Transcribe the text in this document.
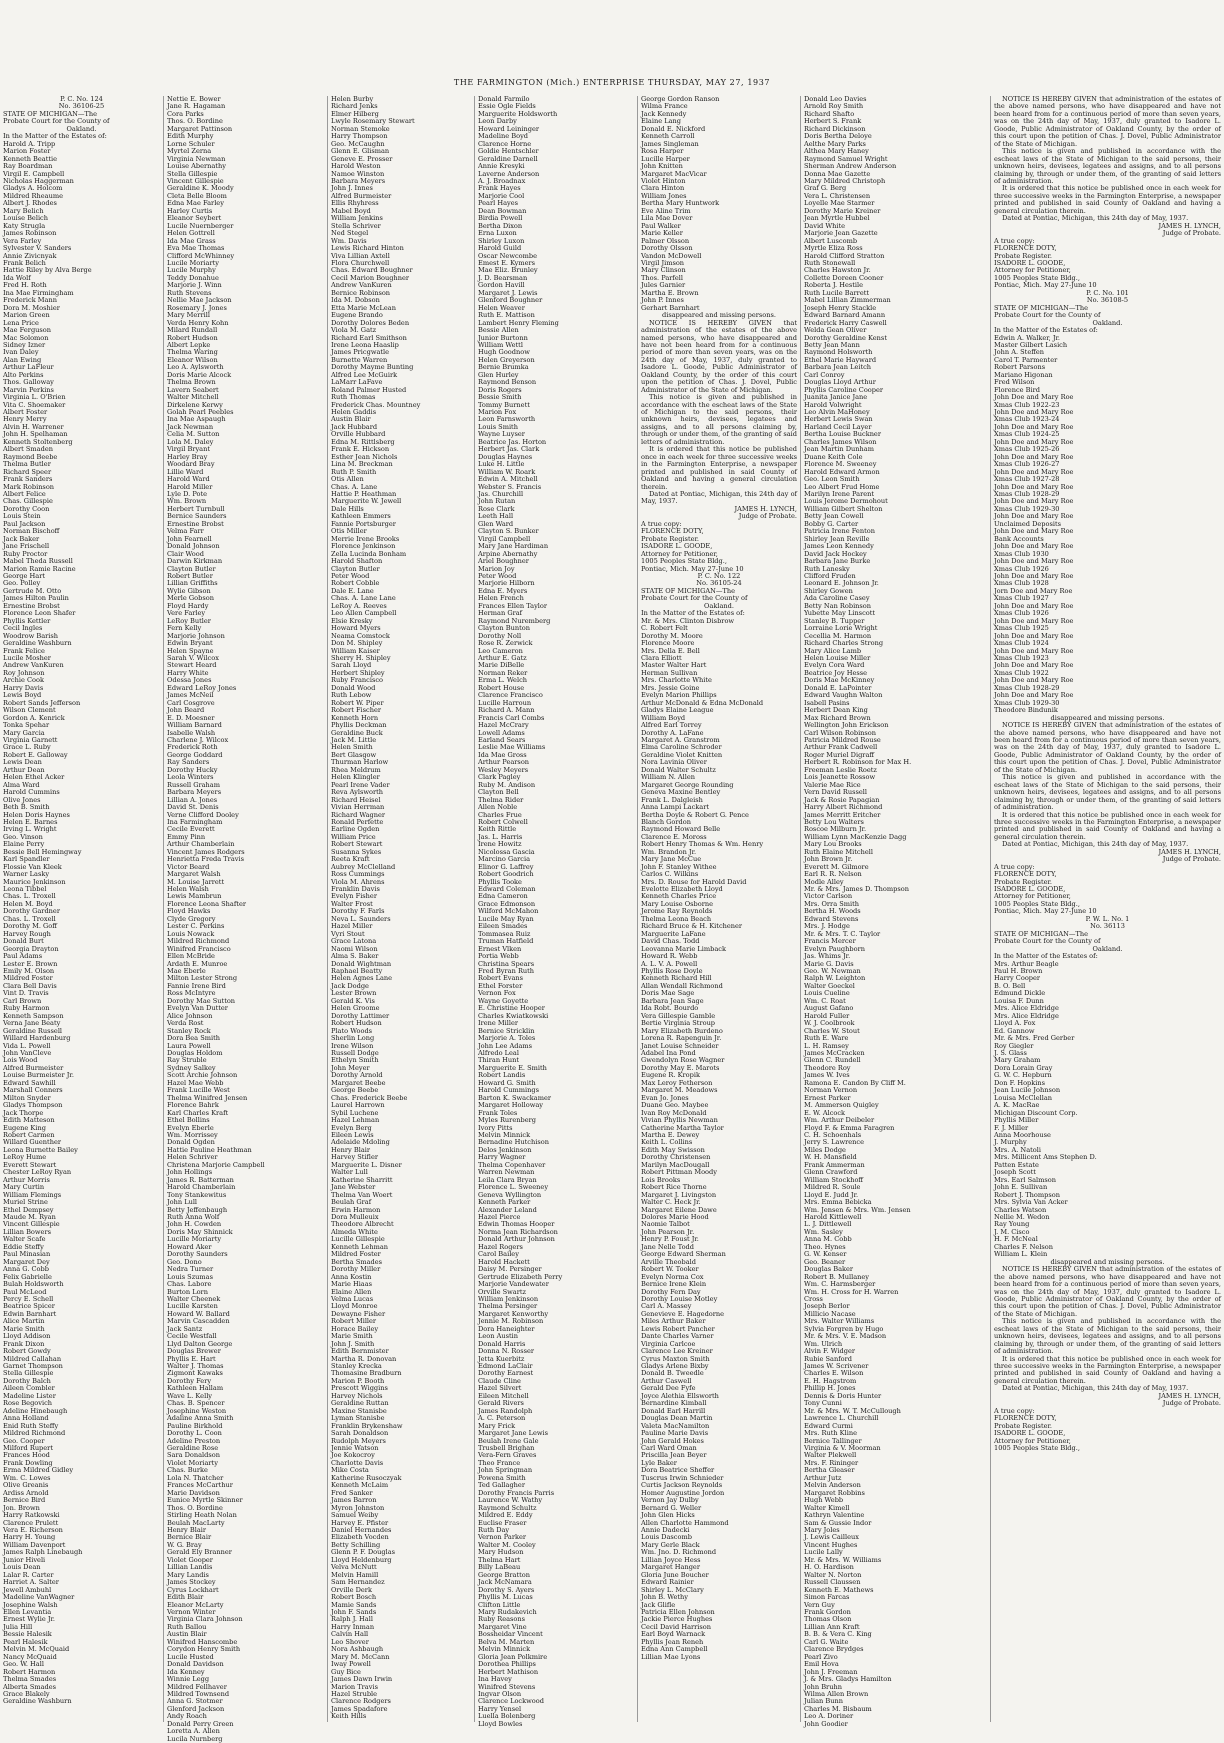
THE FARMINGTON (Mich.) ENTERPRISE THURSDAY, MAY 27, 1937
P. C. No. 124
No. 36106-25
STATE OF MICHIGAN—The
Probate Court for the County of
Oakland.
In the Matter of the Estates of:
Harold A. Tripp
Marion Foster
Kenneth Beattie
Ray Boardman
Virgil E. Campbell
Nicholas Haggerman
Gladys A. Holcom
Mildred Rheaume
Albert J. Rhodes
Mary Belich
Louise Belich
Katy Strugla
James Robinson
Vera Farley
Sylvester V. Sanders
Annie Zivicnyak
Frank Belich
Hattie Riley by Alva Berge
Ida Wolf
Fred H. Roth
Ina Mae Firmingham
Frederick Mann
Dora M. Moshier
Marion Green
Lena Price
Mae Ferguson
Mac Solomon
Sidney Izner
Ivan Daley
Alan Ewing
Arthur LaFleur
Alto Perkins
Thos. Galloway
Marvin Perkins
Virginia L. O'Brien
Vita C. Shoemaker
Albert Foster
Henry Merry
Alvin H. Warrener
John H. Spelhaman
Kenneth Stoltenberg
Albert Smaden
Raymond Beebe
Thelma Butler
Richard Speer
Frank Sanders
Mark Robinson
Albert Felice
Chas. Gillespie
Dorothy Coon
Louis Stein
Paul Jackson
Norman Bischoff
Jack Baker
Jane Frischell
Ruby Proctor
Mabel Theda Russell
Marion Ramie Racine
George Hart
Geo. Polley
Gertrude M. Otto
James Hilton Paulin
Ernestine Brobst
Florence Leon Shafer
Phyllis Kettler
Cecil Ingles
Woodrow Barish
Geraldine Washburn
Frank Felice
Lucile Mosher
Andrew VanKuren
Roy Johnson
Archie Cook
Harry Davis
Lewis Boyd
Robert Sands Jefferson
Wilson Clement
Gordon A. Kenrick
Tonka Spehar
Mary Garcia
Virginia Garnett
Grace L. Ruby
Robert E. Galloway
Lewis Dean
Arthur Dean
Helen Ethel Acker
Alma Ward
Harold Cummins
Olive Jones
Beth B. Smith
Helen Doris Haynes
Helen E. Barnes
Irving L. Wright
Geo. Vinson
Elaine Perry
Bessie Bell Hemingway
Karl Spandler
Flossie Van Kleek
Warner Lasky
Maurice Jenkinson
Leona Tibbel
Chas. L. Troxell
Helen M. Boyd
Dorothy Gardner
Chas. L. Troxell
Dorothy M. Goff
Harvey Rough
Donald Burt
Georgia Drayton
Paul Adams
Lester E. Brown
Emily M. Olson
Mildred Foster
Clara Bell Davis
Vint D. Travis
Carl Brown
Ruby Harmon
Kenneth Sampson
Verna Jane Beaty
Geraldine Russell
Willard Hardenburg
Vida L. Powell
John VanCleve
Lois Wood
Alfred Burmeister
Louise Burmeister Jr.
Edward Sawhill
Marshall Conners
Milton Snyder
Gladys Thompson
Jack Thorpe
Edith Matteson
Eugene King
Robert Carmen
Willard Guenther
Leona Burnette Bailey
LeRoy Hume
Everett Stewart
Chester LeRoy Ryan
Arthur Morris
Mary Curtin
William Flemings
Muriel Strine
Ethel Dempsey
Maude M. Ryan
Vincent Gillespie
Lillian Bowers
Walter Scafe
Eddie Steffy
Paul Minasian
Margaret Dey
Anna G. Cobb
Felix Gabrielle
Bulah Holdsworth
Paul McLeod
Percy E. Schell
Beatrice Spicer
Edwin Barnhart
Alice Martin
Marie Smith
Lloyd Addison
Frank Dixon
Robert Gowdy
Mildred Callahan
Garnet Thompson
Stella Gillespie
Dorothy Balch
Aileen Combler
Madeline Lister
Rose Begovich
Adeline Hinebaugh
Anna Holland
Enid Ruth Steffy
Mildred Richmond
Geo. Cooper
Milford Rupert
Frances Hood
Frank Dowling
Erma Mildred Gidley
Wm. C. Lowes
Olive Greanis
Ardiss Arnold
Bernice Bird
Jon. Brown
Harry Ratkowski
Clarence Prulett
Vera E. Richerson
Harry H. Young
William Davenport
James Ralph Linebaugh
Junior Hiveli
Louis Dean
Lalar R. Carter
Harriet A. Salter
Jewell Ambuhl
Madeline VanWagner
Josephine Walsh
Ellen Levantia
Ernest Wylie Jr.
Julia Hill
Bessie Halesik
Pearl Halesik
Melvin M. McQuaid
Nancy McQuaid
Geo. W. Hall
Robert Harmon
Thelma Smades
Alberta Smades
Grace Blakely
Geraldine Washburn
Nettie E. Bower
Jane R. Hagaman
Cora Parks
Thos. O. Bordine
Margaret Pattinson
Edith Murphy
Lorne Schuler
Myrtel Zerna
Virginia Newman
Louise Abernathy
Stella Gillespie
Vincent Gillespie
Geraldine K. Moody
Cleta Belle Bloom
Edna Mae Farley
Harley Curtis
Eleanor Seybert
Lucile Nuernberger
Helen Gottrell
Ida Mae Grass
Eva Mae Thomas
Clifford McWhinney
Lucile Moriarty
Lucile Murphy
Teddy Donahue
Marjorie J. Winn
Ruth Stevens
Nellie Mae Jackson
Rosemary J. Jones
Mary Merrill
Verda Henry Kohn
Milard Rundall
Robert Hudson
Albert Lepke
Thelma Waring
Eleanor Wilson
Leo A. Aylsworth
Doris Marie Alcock
Thelma Brown
Lavern Seabert
Walter Mitchell
Dirkelene Kerwy
Golah Pearl Peebles
Ina Mae Aspaugh
Jack Newman
Celia M. Sutton
Lola M. Daley
Virgil Bryant
Harley Bray
Woodard Bray
Lillie Ward
Harold Ward
Harold Miller
Lyle D. Pote
Wm. Brown
Herbert Turnbull
Bernice Saunders
Ernestine Brobst
Velma Farr
John Fearnell
Donald Johnson
Clair Wood
Darwin Kirkman
Clayton Butler
Robert Butler
Lillian Griffiths
Wylie Gibson
Merle Gobson
Floyd Hardy
Vere Farley
LeRoy Butler
Fern Kelly
Marjorie Johnson
Edwin Bryant
Helen Spayne
Sarah V. Wilcox
Stewart Heard
Harry White
Odessa Jones
Edward LeRoy Jones
James McNeil
Carl Cosgrove
John Beard
E. D. Moesner
William Barnard
Isabelle Walsh
Charlene J. Wilcox
Frederick Roth
George Goddard
Ray Sanders
Dorothy Hucky
Leola Winters
Russell Graham
Barbara Meyers
Lillian A. Jones
David St. Denis
Verne Clifford Dooley
Ina Farmingham
Cecile Everett
Emmy Pinn
Arthur Chamberlain
Vincent James Rodgers
Henrietta Freda Travis
Victor Beard
Margaret Walsh
M. Louise Jarrett
Helen Walsh
Lewis Mambrun
Florence Leona Shafter
Floyd Hawks
Clyde Gregory
Lester C. Perkins
Louis Nowack
Mildred Richmond
Winifred Francisco
Ellen McBride
Ardath E. Munroe
Mae Eberle
Milton Lester Strong
Fannie Irene Bird
Ross McIntyre
Dorothy Mae Sutton
Evelyn Van Dutter
Alice Johnson
Verda Rost
Stanley Rock
Dora Bea Smith
Laura Powell
Douglas Holdom
Ray Struble
Sydney Salkey
Scott Archie Johnson
Hazel Mae Webb
Frank Lucille West
Thelma Winifred Jensen
Florence Bahrk
Karl Charles Kraft
Ethel Bollins
Evelyn Eberle
Wm. Morrissey
Donald Ogden
Hattie Pauline Heathman
Helen Schriver
Christena Marjorie Campbell
John Hollings
James R. Batterman
Harold Chamberlain
Tony Stankewitus
John Lull
Betty Jeffenbaugh
Ruth Anna Wolf
John H. Cowden
Doris May Shinnick
Lucille Moriarty
Howard Aker
Dorothy Saunders
Geo. Dono
Nedra Turner
Louis Szumas
Chas. Labore
Burton Lorn
Walter Cheenek
Lucille Karsten
Howard W. Ballard
Marvin Cascadden
Jack Santz
Cecile Westfall
Llyd Dalton George
Douglas Brewer
Phyllis E. Hart
Walter J. Thomas
Zigmont Kawaks
Dorothy Fery
Kathleen Hallam
Wave L. Kelly
Chas. B. Spencer
Josephine Weston
Adaline Anna Smith
Pauline Birkhold
Dorothy L. Coon
Adeline Preston
Geraldine Rose
Sara Donaldson
Violet Moriarty
Chas. Burke
Lola N. Thatcher
Frances McCarthur
Marie Davidson
Eunice Myrtle Skinner
Thos. O. Bordine
Stirling Heath Nolan
Beulah MacLarty
Henry Blair
Bernice Blair
W. G. Bray
Gerald Ely Branner
Violet Gooper
Lillian Landis
Mary Landis
James Stockey
Cyrus Lockhart
Edith Blair
Eleanor McLarty
Vernon Winter
Virginia Clara Johnson
Ruth Ballou
Austin Blair
Winifred Hanscombe
Corydon Henry Smith
Lucile Husted
Donald Davidson
Ida Kenney
Winnie Legg
Mildred Fellhaver
Mildred Townsend
Anna G. Stotmer
Glenford Jackson
Andy Roach
Donald Perry Green
Loretta A. Allen
Lucila Nurnberg
Helen Burby
Richard Jenks
Elmer Hilberg
Lwyle Rosemary Stewart
Norman Stemoke
Harry Thompson
Geo. McCaughn
Glenn E. Glisman
Geneve E. Prosser
Harold Weston
Namoe Winston
Barbara Meyers
John J. Innes
Alfred Burmeister
Ellis Rhyhress
Mabel Boyd
William Jenkins
Stella Schriver
Ned Stegel
Wm. Davis
Lewis Richard Hinton
Viva Lillian Axtell
Flora Churchwell
Chas. Edward Boughner
Cecil Marion Boughner
Andrew VanKuren
Bernice Robinson
Ida M. Dobson
Etta Marie McLean
Eugene Brando
Dorothy Dolores Beden
Viola M. Gatz
Richard Earl Smithson
Irene Leona Haaslip
James Pricgwatle
Burnette Warren
Dorothy Mayme Bunting
Alfred Lee McGuirk
LaMarr LaFave
Roland Palmer Husted
Ruth Thomas
Frederick Chas. Mountney
Helen Gaddis
Austin Blair
Jack Hubbard
Orville Hubbard
Edna M. Rittlsberg
Frank E. Hickson
Esther Jean Nichols
Lina M. Breckman
Ruth P. Smith
Otis Allen
Chas. A. Lane
Hattie P. Heathman
Marguerite W. Jewell
Dale Hills
Kathleen Emmers
Fannie Portsburger
Otis Miller
Merrie Irene Brooks
Florence Jenkinson
Zella Lucinda Bonham
Harold Shafton
Clayton Butler
Peter Wood
Robert Cobble
Dale E. Lane
Chas. A. Lane Lane
LeRoy A. Reeves
Leo Allen Campbell
Elsie Kresky
Howard Myers
Neama Comstock
Don M. Shipley
William Kaiser
Sherry H. Shipley
Sarah Lloyd
Herbert Shipley
Ruby Francisco
Donald Wood
Ruth Lebow
Robert W. Piper
Robert Fischer
Kenneth Horn
Phyllis Deckman
Geraldine Buck
Jack M. Little
Helen Smith
Bert Glasgow
Thurman Harlow
Rhea Meldrum
Helen Klingler
Pearl Irene Vader
Reva Aylsworth
Richard Heisel
Vivian Herrman
Richard Wagner
Ronald Perfette
Earline Ogden
William Price
Robert Stewart
Susanna Sykes
Reeta Kraft
Aubrey McClelland
Ross Cummings
Viola M. Ahrens
Franklin Davis
Evelyn Fisher
Walter Frost
Dorothy F. Farls
Neva L. Saunders
Hazel Miller
Vyri Stout
Grace Latona
Naomi Wilson
Alma S. Baker
Donald Wightman
Raphael Beatty
Helen Agnes Lane
Jack Dodge
Lester Brown
Gerald K. Vis
Helen Groome
Dorothy Lattimer
Robert Hudson
Plato Woods
Sherlin Long
Irene Wilson
Russell Dodge
Ethelyn Smith
John Meyer
Dorothy Arnold
Margaret Beebe
George Beebe
Chas. Frederick Beebe
Laurel Harrown
Sybil Luchene
Hazel Lehman
Evelyn Berg
Eileen Lewis
Adelaide Mdoling
Henry Blair
Harvey Stifler
Marguerite L. Disner
Walter Lull
Katherine Sharritt
Jane Webster
Thelma Van Woert
Beulah Graf
Erwin Harmon
Dora Mulleuix
Theodore Albrecht
Almeda White
Lucille Gillespie
Kenneth Lehman
Mildred Foster
Bertha Smades
Dorothy Miller
Anna Kostin
Marie Hiaas
Elaine Allen
Velma Lucas
Lloyd Monroe
Dewayne Fisher
Robert Miller
Horace Bailey
Marie Smith
John J. Smith
Edith Bernmister
Martha R. Donovan
Stanley Krecka
Thomasine Bradburn
Marion P. Booth
Prescott Wiggins
Harvey Nichols
Geraldine Ruttan
Maxine Stanisbe
Lyman Stanisbe
Franklin Brykenshaw
Sarah Donaldson
Rudolph Meyers
Jennie Watson
Joe Kokocroy
Charlotte Davis
Mike Costa
Katherine Rusoczyak
Kenneth McLaim
Fred Sanker
James Barron
Myron Johnston
Samuel Weiby
Harvey E. Pfister
Daniel Hernandes
Elizabeth Vocden
Betty Schilling
Glenn P. F. Douglas
Lloyd Heldenburg
Velva McNutt
Melvin Hamill
Sam Hernandez
Orville Derk
Robert Bosch
Mamie Sands
John F. Sands
Ralph J. Hall
Harry Inman
Calvin Hall
Leo Shover
Nora Ashbaugh
Mary M. McCann
Iway Powell
Guy Bice
James Dawn Irwin
Marion Travis
Hazel Struble
Clarence Rodgers
James Spadafore
Keith Hills
Donald Farmilo
Essie Ogle Fields
Marguerite Holdsworth
Leon Darby
Howard Leininger
Madeline Boyd
Clarence Horne
Goldie Hentschler
Geraldine Darnell
Annie Kresyki
Laverne Anderson
A. J. Broadnax
Frank Hayes
Marjorie Cool
Pearl Hayes
Dean Bowman
Birdia Powell
Bertha Dixon
Erna Luxon
Shirley Luxon
Harold Guild
Oscar Newcombe
Emest E. Kymers
Mae Eliz. Brunley
J. D. Bearsman
Gordon Havill
Margaret J. Lewis
Glenford Boughner
Helen Weaver
Ruth E. Mattison
Lambert Henry Fleming
Bessie Allen
Junior Burtonn
William Wettl
Hugh Goodnow
Helen Greyerson
Bernie Brumka
Glen Hurley
Raymond Benson
Doris Rogers
Bessie Smith
Tommy Burnett
Marion Fox
Leon Farnsworth
Louis Smith
Wayne Luyser
Beatrice Jas. Horton
Herbert Jas. Clark
Douglas Haynes
Luke H. Little
William W. Roark
Edwin A. Mitchell
Webster S. Francis
Jas. Churchill
John Rutan
Rose Clark
Leeth Hall
Glen Ward
Clayton S. Bunker
Virgil Campbell
Mary Jane Hardiman
Arpine Abernathy
Ariel Boughner
Marion Joy
Peter Wood
Marjorie Hilborn
Edna E. Myers
Helen French
Frances Ellen Taylor
Herman Graf
Raymond Nuremberg
Clayton Bunton
Dorothy Noll
Rose R. Zerwick
Leo Cameron
Arthur E. Gatz
Marie DiBelle
Norman Reker
Erma L. Welch
Robert House
Clarence Francisco
Lucille Harroun
Richard A. Mann
Francis Carl Combs
Hazel McCrary
Lowell Adams
Earland Sears
Leslie Mae Williams
Ida Mae Gross
Arthur Pearson
Wesley Meyers
Clark Pagley
Ruby M. Andison
Clayton Bell
Thelma Rider
Allen Noble
Charles Frue
Robert Colwell
Keith Rittle
Jas. L. Harris
Irene Howitz
Nicolossa Gascia
Marcino Garcia
Elinor G. Laffrey
Robert Goodrich
Phyllis Tooke
Edward Coleman
Edna Cameron
Grace Edmonson
Wilford McMahon
Lucile May Ryan
Eileen Smades
Tommasea Ruiz
Truman Hatfield
Ernest Vlken
Portia Webb
Christina Spears
Fred Byran Ruth
Robert Evans
Ethel Forster
Vernon Fox
Wayne Goyette
E. Christine Hooper
Charles Kwiatkowski
Irene Miller
Bernice Stricklin
Marjorie A. Toles
John Lee Adams
Alfredo Leal
Thiran Hunt
Marguerite E. Smith
Robert Landis
Howard G. Smith
Harold Cummings
Barton K. Swackamer
Margaret Holloway
Frank Toles
Myles Rurenberg
Ivory Pitts
Melvin Minnick
Bernadine Hutchison
Delos Jenkinson
Harry Wagner
Thelma Copenhaver
Warren Newman
Leila Clara Bryan
Florence L. Sweeney
Geneva Wyllington
Kenneth Parker
Alexander Leland
Hazel Pierce
Edwin Thomas Hooper
Norma Jean Richardson
Donald Arthur Johnson
Hazel Rogers
Carol Bailey
Harold Hackett
Daisy M. Persinger
Gertrude Elizabeth Perry
Marjorie Vandewater
Orville Swartz
William Jenkinson
Thelma Persinger
Margaret Kenworthy
Jennie M. Robinson
Dora Haneighter
Leon Austin
Donald Harris
Donna N. Rosser
Jetta Kuerbitz
Edmond LaClair
Dorothy Earnest
Claude Cline
Hazel Silvert
Eileen Mitchell
Gerald Rivers
James Randolph
A. C. Peterson
Mary Frick
Margaret Jane Lewis
Beulah Irene Gale
Trusbell Brighan
Vera-Fern Graves
Theo France
John Springman
Powena Smith
Ted Gallagher
Dorothy Francis Parris
Laurence W. Wathy
Raymond Schultz
Mildred E. Eddy
Euclise Fraser
Ruth Day
Vernon Parker
Walter M. Cooley
Mary Hudson
Thelma Hart
Billy LaBeau
George Bratton
Jack McNamara
Dorothy S. Ayers
Phyllis M. Lucas
Clifton Little
Mary Rudakevich
Ruby Reasons
Margaret Vine
Bossheidar Vincent
Belva M. Marten
Melvin Minnick
Gloria Jean Polkmire
Dorothea Phillips
Herbert Mathison
Ina Havey
Winifred Stevens
Ingvar Olson
Clarence Lockwood
Harry Yensel
Luella Bolenberg
Lloyd Bowles
George Gordon Ranson
Wilma France
Jack Kennedy
Elaine Lang
Donald E. Nickford
Kenneth Carroll
James Singleman
Rosa Harper
Lucille Harper
John Knitten
Margaret MacVicar
Violet Hinton
Clara Hinton
William Jones
Bertha Mary Huntwork
Eve Aline Trim
Lila Mae Dover
Paul Walker
Marie Keller
Palmer Olsson
Dorothy Olsson
Vandon McDowell
Virgil Jimson
Mary Clinson
Thos. Parfell
Jules Garnier
Martha E. Brown
John P. Innes
Gerhart Barnhart
disappeared and missing persons.
NOTICE IS HEREBY GIVEN that administration of the estates of the above named persons, who have disappeared and have not been heard from for a continuous period of more than seven years, was on the 24th day of May, 1937, duly granted to Isadore L. Goode, Public Administrator of Oakland County, by the order of this court upon the petition of Chas. J. Dovel, Public Administrator of the State of Michigan.
This notice is given and published in accordance with the escheat laws of the State of Michigan to the said persons, their unknown heirs, devisees, legatees and assigns, and to all persons claiming by, through or under them, of the granting of said letters of administration.
It is ordered that this notice be published once in each week for three successive weeks in the Farmington Enterprise, a newspaper printed and published in said County of Oakland and having a general circulation therein.
Dated at Pontiac, Michigan, this 24th day of May, 1937.
JAMES H. LYNCH,
Judge of Probate.
A true copy:
FLORENCE DOTY,
Probate Register.
ISADORE L. GOODE,
Attorney for Petitioner,
1005 Peoples State Bldg.,
Pontiac, Mich. May 27-June 10
P. C. No. 122
No. 36105-24
STATE OF MICHIGAN—The
Probate Court for the County of
Oakland.
In the Matter of the Estates of:
Mr. & Mrs. Clinton Disbrow
C. Robert Felt
Dorothy M. Moore
Florence Moore
Mrs. Della E. Bell
Clara Elliott
Master Walter Hart
Herman Sullivan
Mrs. Charlotte White
Mrs. Jessie Goine
Evelyn Marion Phillips
Arthur McDonald & Edna McDonald
Gladys Elaine League
William Boyd
Alfred Earl Torrey
Dorothy A. LaFane
Margaret A. Granstrom
Elma Caroline Schroder
Geraldine Violet Knitten
Nora Lavinia Oliver
Donald Walter Schultz
William N. Allen
Margaret George Rounding
Geneva Maxine Bentley
Frank L. Dalgleish
Anna Lampi Lackart
Bertha Doyle & Robert G. Pence
Blanch Gordon
Raymond Howard Belle
Clarence E. Moross
Robert Henry Thomas & Wm. Henry
Wm. Brandon Jr.
Mary Jane McCue
John F. Stanley Withee
Carlos C. Wilkins
Mrs. D. Rouse for Harold David
Evelotte Elizabeth Lloyd
Kenneth Charles Price
Mary Louise Osborne
Jerome Ray Reynolds
Thelma Leona Beach
Richard Bruce & H. Kitchener
Marguerite LaFane
David Chas. Todd
Leovanna Marie Limback
Howard R. Webb
A. L. V. A. Powell
Phyllis Rose Doyle
Kenneth Richard Hill
Allan Wendall Richmond
Doris Mae Sage
Barbara Jean Sage
Ida Robt. Bourdo
Vera Gillespie Gamble
Bertie Virginia Stroup
Mary Elizabeth Burdeno
Lorena R. Rapenguin Jr.
Janet Louise Schneider
Adabel Ina Pond
Gwendolyn Rose Wagner
Dorothy May E. Marots
Eugene R. Kropik
Max Leroy Fetherson
Margaret M. Meadows
Evan Jo. Jones
Duane Geo. Maybee
Ivan Roy McDonald
Vivian Phyllis Newman
Catherine Martha Taylor
Martha E. Dewey
Keith L. Collins
Edith May Swisson
Dorothy Christensen
Marilyn MacDougall
Robert Pittman Moody
Lois Brooks
Robert Rice Thorne
Margaret J. Livingston
Walter C. Heck Jr.
Margaret Eilene Dawe
Dolores Marie Hood
Naomie Talbot
John Pearson Jr.
Henry P. Foust Jr.
Jane Nelle Todd
George Edward Sherman
Arville Theobald
Robert W. Tooker
Evelyn Norma Cox
Bernice Irene Klein
Dorothy Fern Day
Dorothy Louise Motley
Carl A. Massey
Genevieve E. Hagedorne
Miles Arthur Baker
Lewis Robert Pancher
Dante Charles Varner
Virginia Carlcoe
Clarence Lee Kreiner
Cyrus Maxton Smith
Gladys Arlene Bixby
Donald B. Tweedle
Arthur Caswell
Gerald Dee Fyfe
Joyce Alethia Ellsworth
Bernardine Kimball
Donald Earl Harrill
Douglas Dean Martin
Valeta MacNamilton
Pauline Marie Davis
John Gerald Hokes
Carl Ward Oman
Priscilla Jean Beyer
Lyle Baker
Dora Beatrice Sheffer
Tuscrus Irwin Schnieder
Curtis Jackson Reynolds
Homer Augustine Jordon
Vernon Jay Dulby
Bernard G. Weller
John Glen Hicks
Allen Charlotte Hammond
Annie Dadecki
Louis Dascomb
Mary Gerle Black
Wm. Jno. D. Richmond
Lillian Joyce Hess
Margaret Hanger
Gloria June Boucher
Edward Rainier
Shirley L. McClary
John B. Wethy
Jack Glifle
Patricia Ellen Johnson
Jackie Pierce Hughes
Cecil David Harrison
Earl Boyd Warnack
Phyllis Jean Reneh
Edna Ann Campbell
Lillian Mae Lyons
Donald Leo Davies
Arnold Roy Smith
Richard Shafto
Herbert S. Frank
Richard Dickinson
Doris Bertha Deloye
Aelthe Mary Parks
Althea Mary Haney
Raymond Samuel Wright
Sherman Andrew Anderson
Donna Mae Gazette
Mary Mildred Christoph
Graf G. Berg
Vera L. Christensen
Loyelle Mae Starmer
Dorothy Marie Kreiner
Jean Myrtle Hubbel
David White
Marjorie Jean Gazette
Albert Luscomb
Myrtle Eliza Ross
Harold Clifford Stratton
Ruth Stonewall
Charles Hawston Jr.
Collette Doreen Cooner
Roberta J. Hestile
Ruth Lucile Barrett
Mabel Lillian Zimmerman
Joseph Henry Stackle
Edward Barnard Amann
Frederick Harry Caswell
Welda Gean Oliver
Dorothy Geraldine Kenst
Betty Jean Mann
Raymond Holsworth
Ethel Marie Hayward
Barbara Jean Leitch
Carl Conroy
Douglas Lloyd Arthur
Phyllis Caroline Cooper
Juanita Janice Jane
Harold Volwright
Leo Alvin MaHoney
Herbert Lewis Swan
Harland Cecil Layer
Bertha Louise Buckner
Charles James Wilson
Jean Martin Dunham
Duane Keith Cole
Florence M. Sweeney
Harold Edward Armon
Geo. Leon Smith
Leo Albert Frud Home
Marilyn Irene Parent
Louis Jerome Dermohout
William Gilbert Shelton
Betty Jean Cowell
Bobby G. Carter
Patricia Irene Fenton
Shirley Jean Reville
James Leon Kennedy
David Jack Hockey
Barbara Jane Burke
Ruth Lanesky
Clifford Fruden
Leonard E. Johnson Jr.
Shirley Gowen
Ada Caroline Casey
Betty Nan Robinson
Yubette May Linscott
Stanley B. Tupper
Lorraine Lorie Wright
Cecellia M. Harmon
Richard Charles Strong
Mary Alice Lamb
Helen Louise Miller
Evelyn Cora Ward
Beatrice Joy Hesse
Doris Mae McKinney
Donald E. LaPointer
Edward Vaughn Walton
Isabell Pasins
Herbert Dean King
Max Richard Brown
Wellington John Erickson
Carl Wilson Robinson
Patricia Mildred Rouse
Arthur Frank Cadwell
Roger Muriel Digraff
Herbert R. Robinson for Max H.
Freeman Leslie Roetz
Lois Jeanette Rossow
Valerie Mae Rice
Vern David Russell
Jack & Rosie Papagian
Harry Albert Richmond
James Merritt Eritcher
Betty Lou Walters
Roscoe Milburn Jr.
William Lynn MacKenzie Dagg
Mary Lou Brooks
Ruth Elaine Mitchell
John Brown Jr.
Everett M. Gilmore
Earl R. R. Nelson
Modle Alley
Mr. & Mrs. James D. Thompson
Victor Carlson
Mrs. Orra Smith
Bertha H. Woods
Edward Stevens
Mrs. J. Hodge
Mr. & Mrs. T. C. Taylor
Francis Mercer
Evelyn Paughborn
Jas. Whims Jr.
Marie G. Davis
Geo. W. Newman
Ralph W. Leighton
Walter Goeckel
Louis Cueline
Wm. C. Roat
August Gafano
Harold Fuller
W. J. Coolbrook
Charles W. Stout
Ruth E. Ware
L. H. Ramsey
James McCracken
Glenn C. Rundell
Theodore Roy
James W. Ives
Ramona E. Candon By Cliff M.
Norman Vernon
Ernest Parker
M. Ammerson Quigley
E. W. Alcock
Wm. Arthur Deibeler
Floyd F. & Emma Faragren
C. H. Schoenhals
Jerry S. Lawrence
Miles Dodge
W. H. Mansfield
Frank Ammerman
Glenn Crawford
William Stockhoff
Mildred R. Soule
Lloyd E. Judd Jr.
Mrs. Emma Bebicka
Wm. Jensen & Mrs. Wm. Jensen
Harold Kittlewell
L. J. Dittlewell
Wm. Sasley
Anna M. Cobb
Theo. Hynes
G. W. Kenser
Geo. Beaner
Douglas Baker
Robert B. Mullaney
Wm. C. Harmsberger
Wm. H. Cross for H. Warren
Cross
Joseph Berlor
Millicio Nacase
Mrs. Walter Williams
Sylvia Forgren by Hugo
Mr. & Mrs. V. E. Madson
Wm. Ulrich
Alvin F. Widger
Rubie Sanford
James W. Scrivener
Charles E. Wilson
E. H. Hagstrom
Phillip H. Jones
Dennis & Doris Hunter
Tony Cunni
Mr. & Mrs. W. T. McCullough
Lawrence L. Churchill
Edward Curmi
Mrs. Ruth Kline
Bernice Tallinger
Virginia & V. Moorman
Walter Plekwell
Mrs. F. Rininger
Bertha Gleaser
Arthur Jutz
Melvin Anderson
Margaret Robbins
Hugh Webb
Walter Kimell
Kathryn Valentine
Sam & Gussie Indor
Mary Joles
J. Lewis Cailleux
Vincent Hughes
Lucile Lally
Mr. & Mrs. W. Williams
H. O. Hardison
Walter N. Norton
Russell Claussen
Kenneth E. Mathews
Simon Farcas
Vern Guy
Frank Gordon
Thomas Olson
Lillian Ann Kraft
B. B. & Vera C. King
Carl G. Waite
Clarence Brydges
Pearl Zivo
Emil Hova
John J. Freeman
J. & Mrs. Gladys Hamilton
John Bruhn
Wilma Allen Brown
Julian Bunn
Charles M. Bisbaum
Leo A. Doriner
John Goodier
NOTICE IS HEREBY GIVEN that administration of the estates of the above named persons, who have disappeared and have not been heard from for a continuous period of more than seven years, was on the 24th day of May, 1937, duly granted to Isadore L. Goode, Public Administrator of Oakland County, by the order of this court upon the petition of Chas. J. Dovel, Public Administrator of the State of Michigan.
This notice is given and published in accordance with the escheat laws of the State of Michigan to the said persons, their unknown heirs, devisees, legatees and assigns, and to all persons claiming by, through or under them, of the granting of said letters of administration.
It is ordered that this notice be published once in each week for three successive weeks in the Farmington Enterprise, a newspaper printed and published in said County of Oakland and having a general circulation therein.
Dated at Pontiac, Michigan, this 24th day of May, 1937.
JAMES H. LYNCH,
Judge of Probate.
A true copy:
FLORENCE DOTY,
Probate Register.
ISADORE L. GOODE,
Attorney for Petitioner,
1005 Peoples State Bldg.,
Pontiac, Mich. May 27-June 10
P. C. No. 101
No. 36108-5
STATE OF MICHIGAN—The
Probate Court for the County of
Oakland.
In the Matter of the Estates of:
Edwin A. Walker, Jr.
Master Gilbert Lasich
John A. Steffen
Carol T. Parmenter
Robert Parsons
Mariano Higonan
Fred Wilson
Florence Bird
John Doe and Mary Roe
Xmas Club 1922-23
John Doe and Mary Roe
Xmas Club 1923-24
John Doe and Mary Roe
Xmas Club 1924-25
John Doe and Mary Roe
Xmas Club 1925-26
John Doe and Mary Roe
Xmas Club 1926-27
John Doe and Mary Roe
Xmas Club 1927-28
John Doe and Mary Roe
Xmas Club 1928-29
John Doe and Mary Roe
Xmas Club 1929-30
John Doe and Mary Roe
Unclaimed Deposits
John Doe and Mary Roe
Bank Accounts
John Doe and Mary Roe
Xmas Club 1930
John Doe and Mary Roe
Xmas Club 1926
John Doe and Mary Roe
Xmas Club 1928
Jorn Doe and Mary Roe
Xmas Club 1927
John Doe and Mary Roe
Xmas Club 1926
John Doe and Mary Roe
Xmas Club 1925
John Doe and Mary Roe
Xmas Club 1924
John Doe and Mary Roe
Xmas Club 1923
John Doe and Mary Roe
Xmas Club 1922
John Doe and Mary Roe
Xmas Club 1928-29
John Doe and Mary Roe
Xmas Club 1929-30
Theodore Bindunik
disappeared and missing persons.
NOTICE IS HEREBY GIVEN that administration of the estates of the above named persons, who have disappeared and have not been heard from for a continuous period of more than seven years, was on the 24th day of May, 1937, duly granted to Isadore L. Goode, Public Administrator of Oakland County, by the order of this court upon the petition of Chas. J. Dovel, Public Administrator of the State of Michigan.
This notice is given and published in accordance with the escheat laws of the State of Michigan to the said persons, their unknown heirs, devisees, legatees and assigns, and to all persons claiming by, through or under them, of the granting of said letters of administration.
It is ordered that this notice be published once in each week for three successive weeks in the Farmington Enterprise, a newspaper printed and published in said County of Oakland and having a general circulation therein.
Dated at Pontiac, Michigan, this 24th day of May, 1937.
JAMES H. LYNCH,
Judge of Probate.
A true copy:
FLORENCE DOTY,
Probate Register.
ISADORE L. GOODE,
Attorney for Petitioner,
1005 Peoples State Bldg.,
Pontiac, Mich. May 27-June 10
P. W. L. No. 1
No. 36113
STATE OF MICHIGAN—The
Probate Court for the County of
Oakland.
In the Matter of the Estates of:
Mrs. Arthur Beagle
Paul H. Brown
Harry Cooper
B. O. Bell
Edmund Dickle
Louisa F. Dunn
Mrs. Alice Eldridge
Mrs. Alice Eldridge
Lloyd A. Fox
Ed. Gannow
Mr. & Mrs. Fred Gerber
Roy Giegler
J. S. Glass
Mary Graham
Dora Lorain Gray
G. W. C. Hepburn
Don F. Hopkins
Jean Lucile Johnson
Louisa McClellan
A. K. MacRae
Michigan Discount Corp.
Phyllis Miller
F. J. Miller
Anna Moorhouse
J. Murphy
Mrs. A. Natoli
Mrs. Millicent Ams Stephen D.
Patten Estate
Joseph Scott
Mrs. Earl Salmson
John E. Sullivan
Robert J. Thompson
Mrs. Sylvia Van Acker
Charles Watson
Nellie M. Wedon
Ray Young
J. M. Cisco
H. F. McNeal
Charles F. Nelson
William L. Klein
disappeared and missing persons.
NOTICE IS HEREBY GIVEN that administration of the estates of the above named persons, who have disappeared and have not been heard from for a continuous period of more than seven years, was on the 24th day of May, 1937, duly granted to Isadore L. Goode, Public Administrator of Oakland County, by the order of this court upon the petition of Chas. J. Dovel, Public Administrator of the State of Michigan.
This notice is given and published in accordance with the escheat laws of the State of Michigan to the said persons, their unknown heirs, devisees, legatees and assigns, and to all persons claiming by, through or under them, of the granting of said letters of administration.
It is ordered that this notice be published once in each week for three successive weeks in the Farmington Enterprise, a newspaper printed and published in said County of Oakland and having a general circulation therein.
Dated at Pontiac, Michigan, this 24th day of May, 1937.
JAMES H. LYNCH,
Judge of Probate.
A true copy:
FLORENCE DOTY,
Probate Register.
ISADORE L. GOODE,
Attorney for Petitioner,
1005 Peoples State Bldg.,
